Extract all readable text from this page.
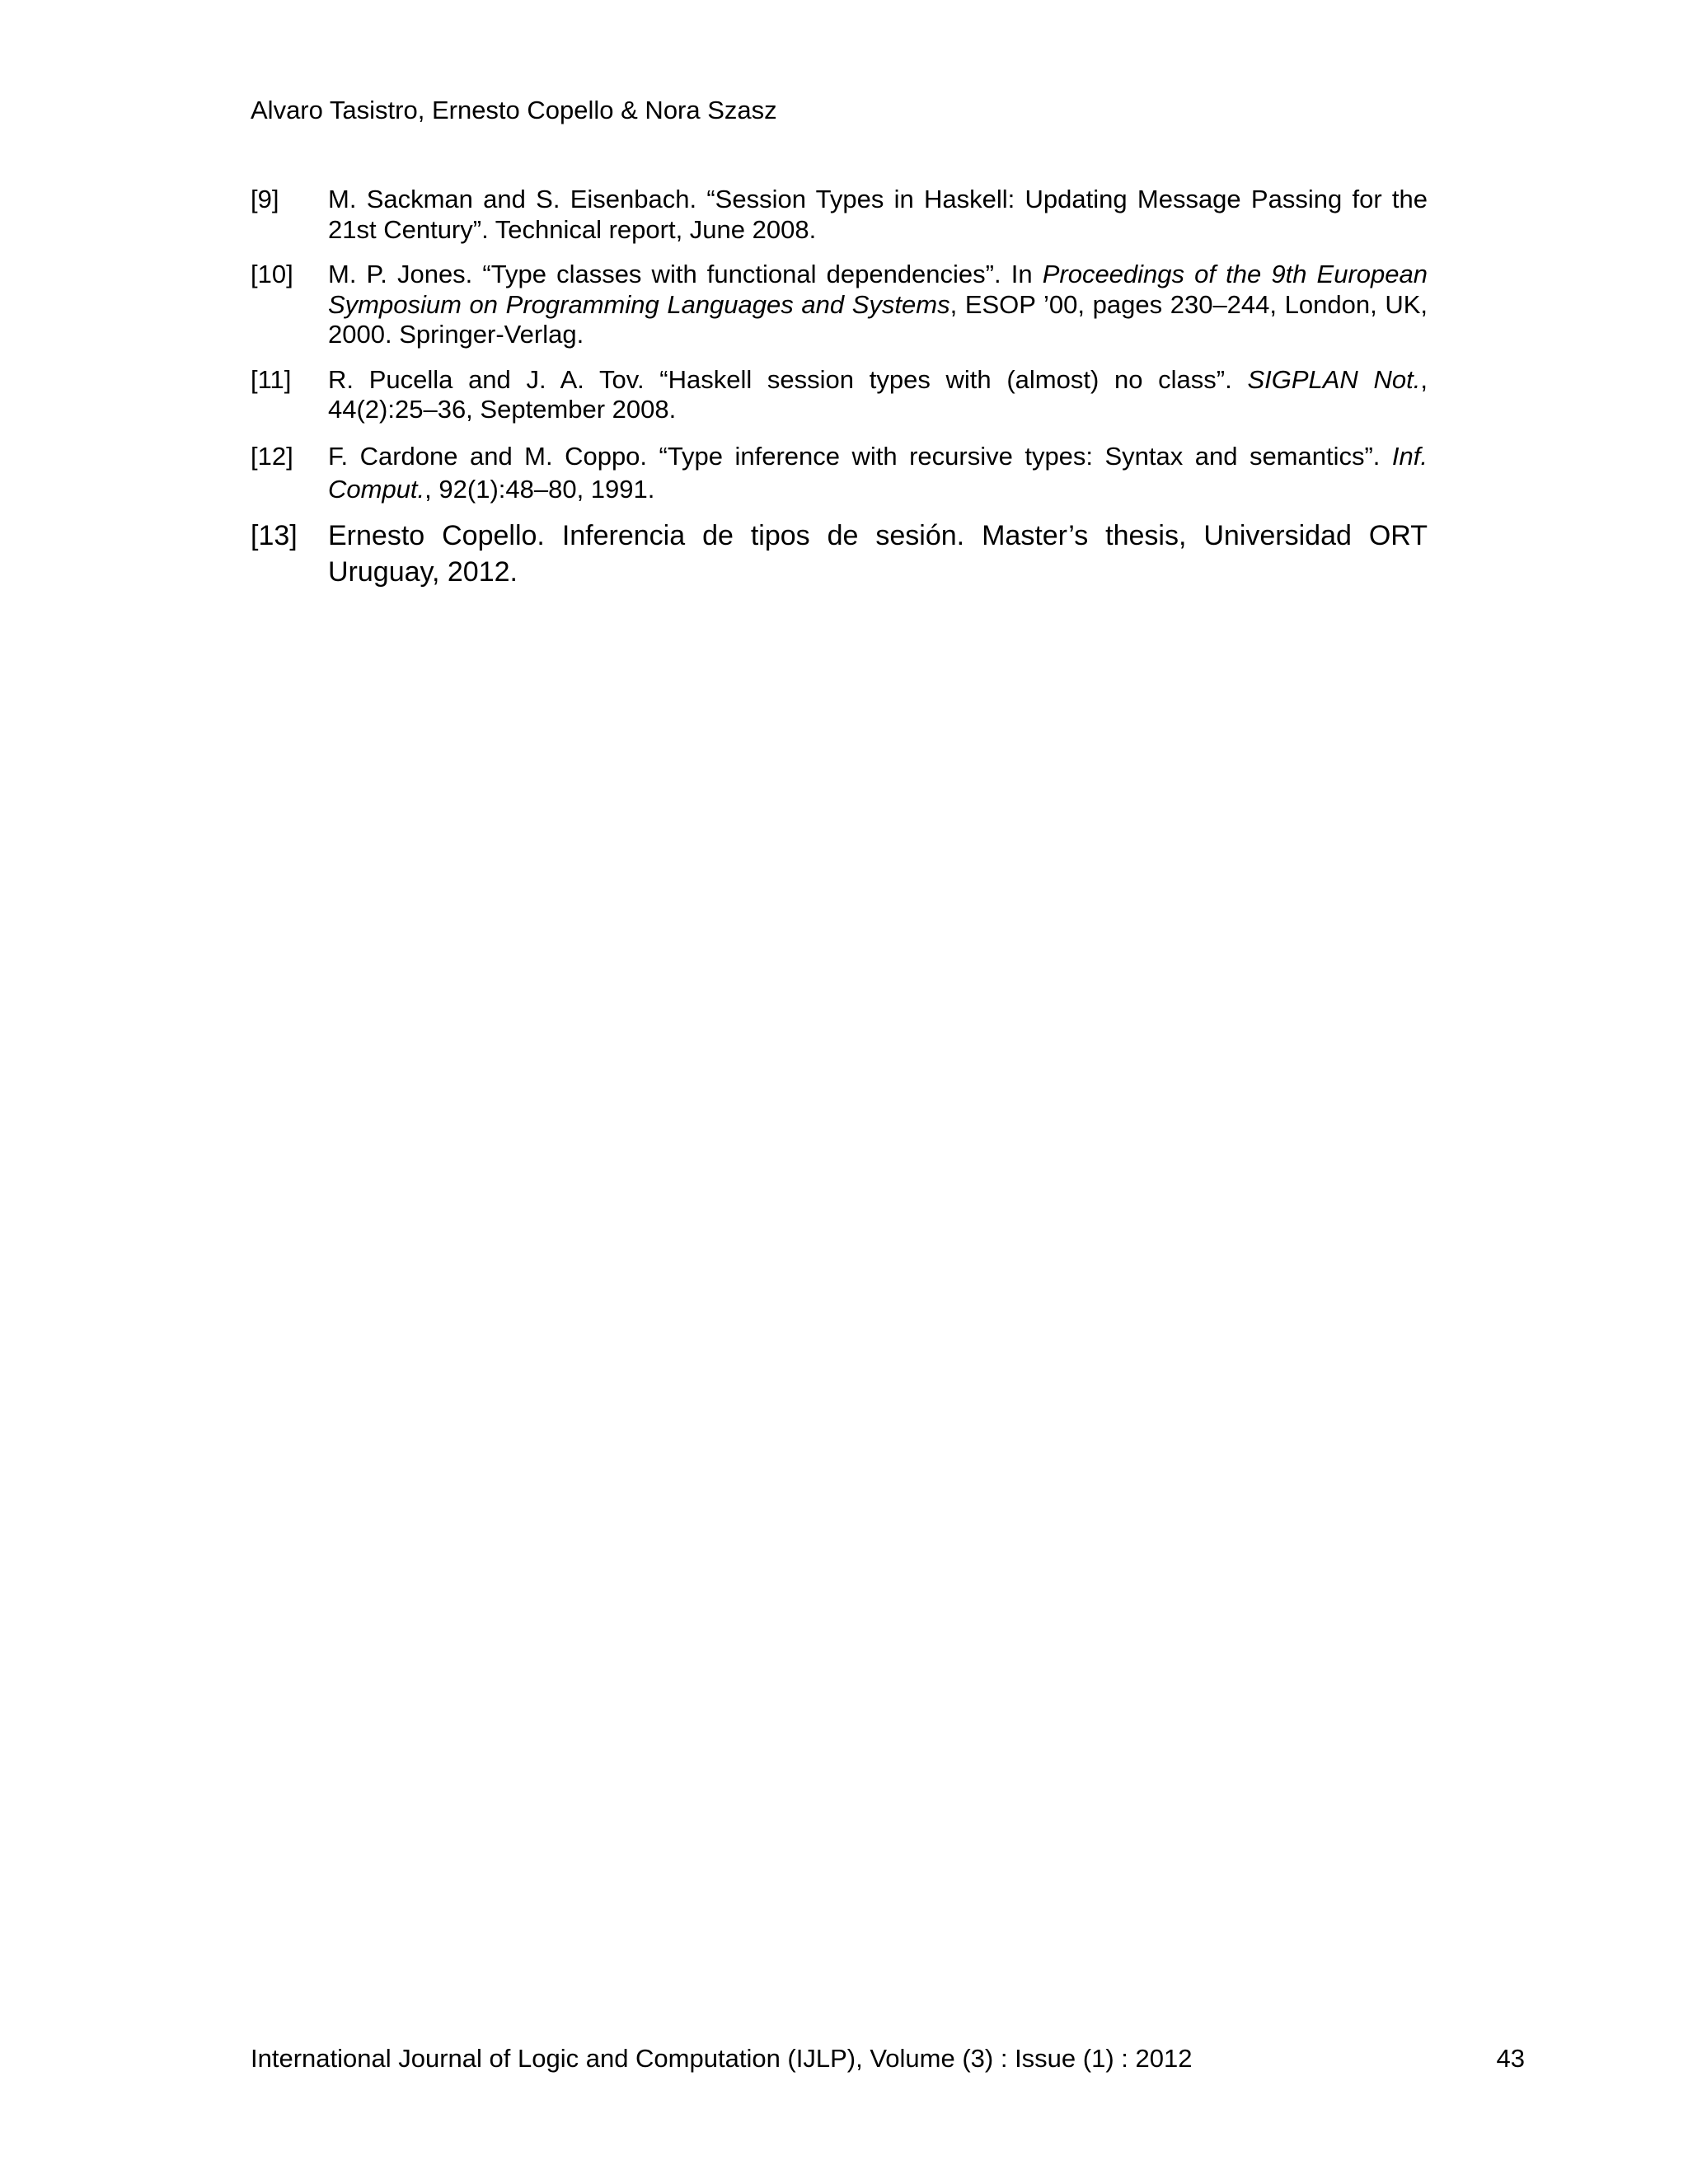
Alvaro Tasistro, Ernesto Copello & Nora Szasz
[9] M. Sackman and S. Eisenbach. “Session Types in Haskell: Updating Message Passing for the 21st Century”. Technical report, June 2008.
[10] M. P. Jones. “Type classes with functional dependencies”. In Proceedings of the 9th European Symposium on Programming Languages and Systems, ESOP ’00, pages 230–244, London, UK, 2000. Springer-Verlag.
[11] R. Pucella and J. A. Tov. “Haskell session types with (almost) no class”. SIGPLAN Not., 44(2):25–36, September 2008.
[12] F. Cardone and M. Coppo. “Type inference with recursive types: Syntax and semantics”. Inf. Comput., 92(1):48–80, 1991.
[13] Ernesto Copello. Inferencia de tipos de sesión. Master’s thesis, Universidad ORT Uruguay, 2012.
International Journal of Logic and Computation (IJLP), Volume (3) : Issue (1) : 2012	43
